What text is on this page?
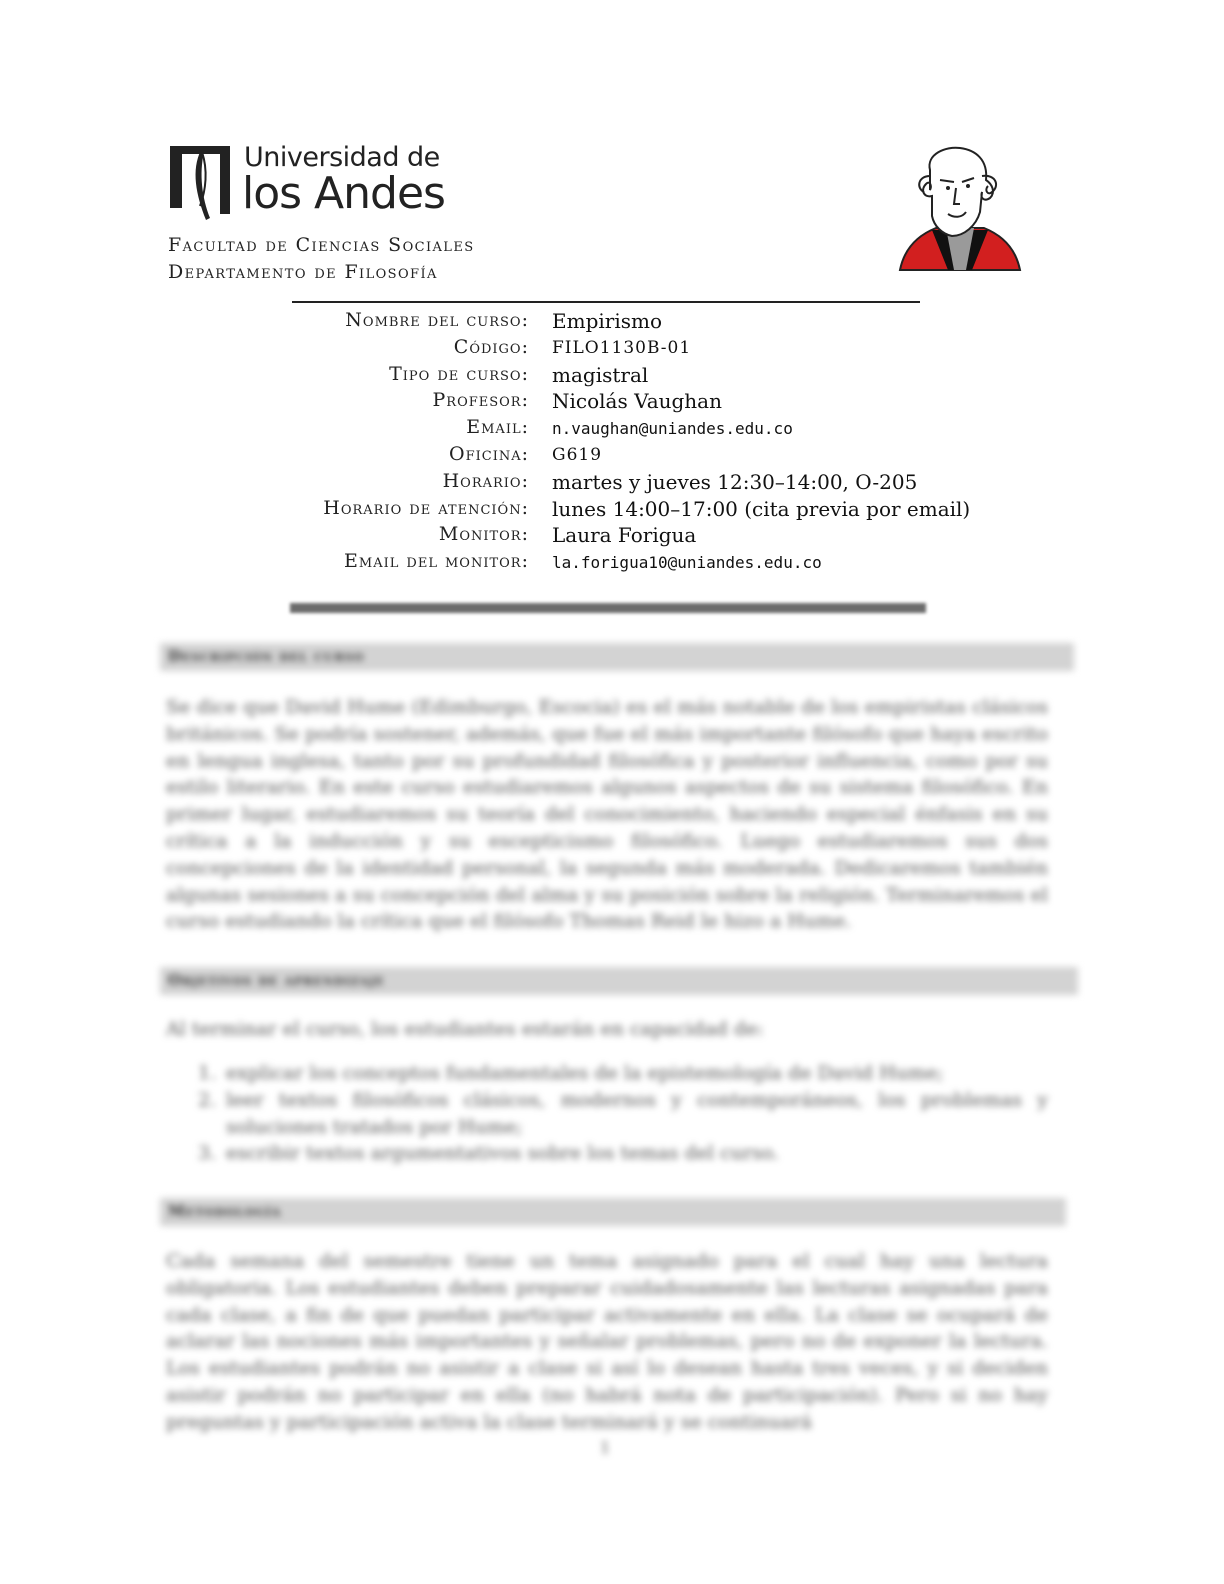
Universidad de
los Andes
Facultad de Ciencias Sociales
Departamento de Filosofía
Nombre del curso: Empirismo
Código: FILO1130B-01
Tipo de curso: magistral
Profesor: Nicolás Vaughan
Email: n.vaughan@uniandes.edu.co
Oficina: G619
Horario: martes y jueves 12:30–14:00, O-205
Horario de atención: lunes 14:00–17:00 (cita previa por email)
Monitor: Laura Forigua
Email del monitor: la.forigua10@uniandes.edu.co
Descripción del curso
Se dice que David Hume (Edimburgo, Escocia) es el más notable de los empiristas clásicos británicos. Se podría sostener, además, que fue el más importante filósofo que haya escrito en lengua inglesa, tanto por su profundidad filosófica y posterior influencia, como por su estilo literario. En este curso estudiaremos algunos aspectos de su sistema filosófico. En primer lugar, estudiaremos su teoría del conocimiento, haciendo especial énfasis en su crítica a la inducción y su escepticismo filosófico. Luego estudiaremos sus dos concepciones de la identidad personal, la segunda más moderada. Dedicaremos también algunas sesiones a su concepción del alma y su posición sobre la religión. Terminaremos el curso estudiando la crítica que el filósofo Thomas Reid le hizo a Hume.
Objetivos de aprendizaje
Al terminar el curso, los estudiantes estarán en capacidad de:
1. explicar los conceptos fundamentales de la epistemología de David Hume;
2. leer textos filosóficos clásicos, modernos y contemporáneos, los problemas y soluciones tratados por Hume;
3. escribir textos argumentativos sobre los temas del curso.
Metodología
Cada semana del semestre tiene un tema asignado para el cual hay una lectura obligatoria. Los estudiantes deben preparar cuidadosamente las lecturas asignadas para cada clase, a fin de que puedan participar activamente en ella. La clase se ocupará de aclarar las nociones más importantes y señalar problemas, pero no de exponer la lectura. Los estudiantes podrán no asistir a clase si así lo desean hasta tres veces, y si deciden asistir podrán no participar en ella (no habrá nota de participación). Pero si no hay preguntas y participación activa la clase terminará y se continuará
1
